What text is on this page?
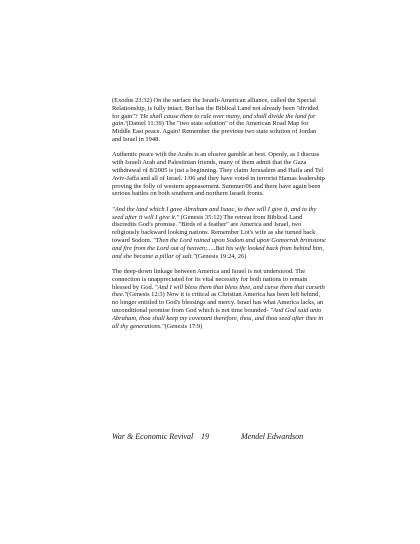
(Exodus 23:32) On the surface the Israeli-American alliance, called the Special Relationship, is fully intact. But has the Biblical Land not already been "divided for gain"? 'He shall cause them to rule over many, and shall divide the land for gain.'(Daniel 11:39) The "two state solution" of the American Road Map for Middle East peace. Again! Remember the previous two state solution of Jordan and Israel in 1948.

Authentic peace with the Arabs is an elusive gamble at best. Openly, as I discuss with Israeli Arab and Palestinian friends, many of them admit that the Gaza withdrawal of 8/2005 is just a beginning. They claim Jerusalem and Haifa and Tel Aviv-Jaffa and all of Israel. 1/06 and they have voted in terrorist Hamas leadership proving the folly of western appeasement. Summer/06 and there have again been serious battles on both southern and northern Israeli fronts.

"And the land which I gave Abraham and Isaac, to thee will I give it, and to thy seed after it will I give it." (Genesis 35:12) The retreat from Biblical Land discredits God's promise. "Birds of a feather" are America and Israel, two religiously backward looking nations. Remember Lot's wife as she turned back toward Sodom. "Then the Lord rained upon Sodom and upon Gomorrah brimstone and fire from the Lord out of heaven;.....But his wife looked back from behind him, and she became a pillar of salt."(Genesis 19:24, 26)

The deep-down linkage between America and Israel is not understood. The connection is unappreciated for its vital necessity for both nations to remain blessed by God. "And I will bless them that bless thee, and curse them that curseth thee."(Genesis 12:3) Now it is critical as Christian America has been left behind, no longer entitled to God's blessings and mercy. Israel has what America lacks, an unconditional promise from God which is not time bounded- "And God said unto Abraham, thou shall keep my covenant therefore, thou, and thou seed after thee in all thy generations."(Genesis 17:9)

War & Economic Revival 19	Mendel Edwardson
